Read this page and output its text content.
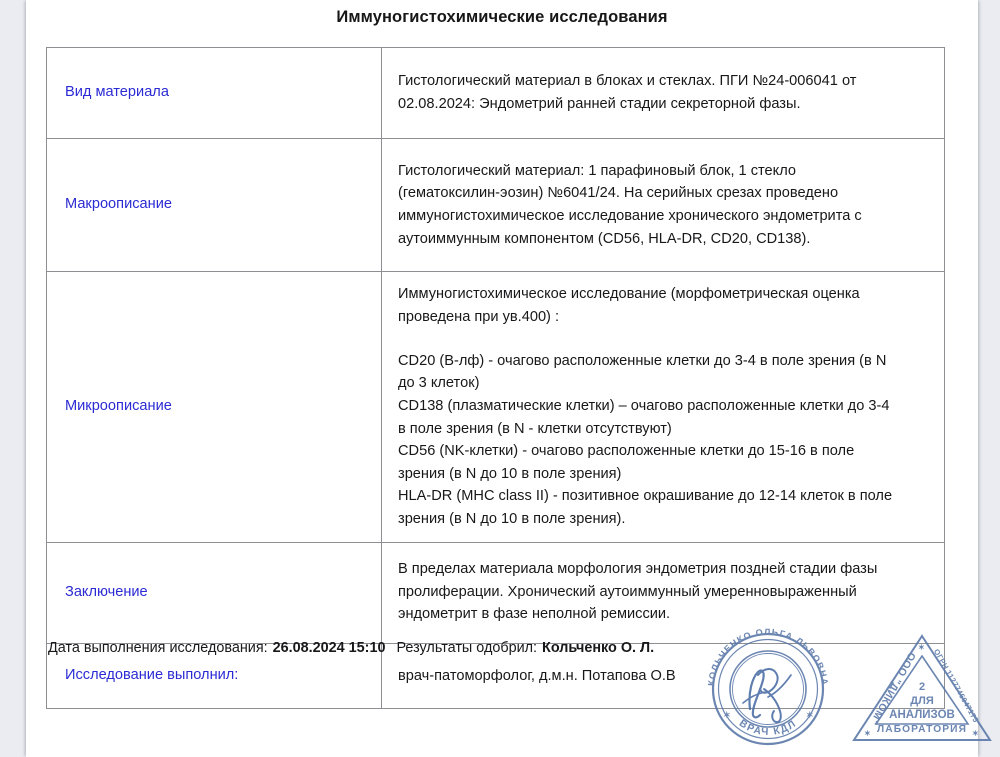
Иммуногистохимические исследования
Вид материала	Гистологический материал в блоках и стеклах. ПГИ №24-006041 от

02.08.2024: Эндометрий ранней стадии секреторной фазы.

Макроописание	Гистологический материал: 1 парафиновый блок, 1 стекло

(гематоксилин-эозин) №6041/24. На серийных срезах проведено

иммуногистохимическое исследование хронического эндометрита с

аутоиммунным компонентом (CD56, HLA-DR, CD20, CD138).

Микроописание	

Иммуногистохимическое исследование (морфометрическая оценка

проведена при ув.400) :

CD20 (В-лф) - очагово расположенные клетки до 3-4 в поле зрения (в N

до 3 клеток)

CD138 (плазматические клетки) – очагово расположенные клетки до 3-4

в поле зрения (в N - клетки отсутствуют)

CD56 (NK-клетки) - очагово расположенные клетки до 15-16 в поле

зрения (в N до 10 в поле зрения)

HLA-DR (MHC class II) - позитивное окрашивание до 12-14 клеток в поле

зрения (в N до 10 в поле зрения).

Заключение	В пределах материала морфология эндометрия поздней стадии фазы

пролиферации. Хронический аутоиммунный умеренновыраженный

эндометрит в фазе неполной ремиссии.

Исследование выполнил:	врач-патоморфолог, д.м.н. Потапова О.В

Дата выполнения исследования: 26.08.2024 15:10 Результаты одобрил: Кольченко О. Л.
КОЛЬЧЕНКО ОЛЬГА ЛЬВОВНА
ВРАЧ КДЛ
✶	✶
ООО "ДИКОМ"
ОГРН 1127746047175
ЛАБОРАТОРИЯ
2
ДЛЯ
АНАЛИЗОВ
✶
✶	✶
